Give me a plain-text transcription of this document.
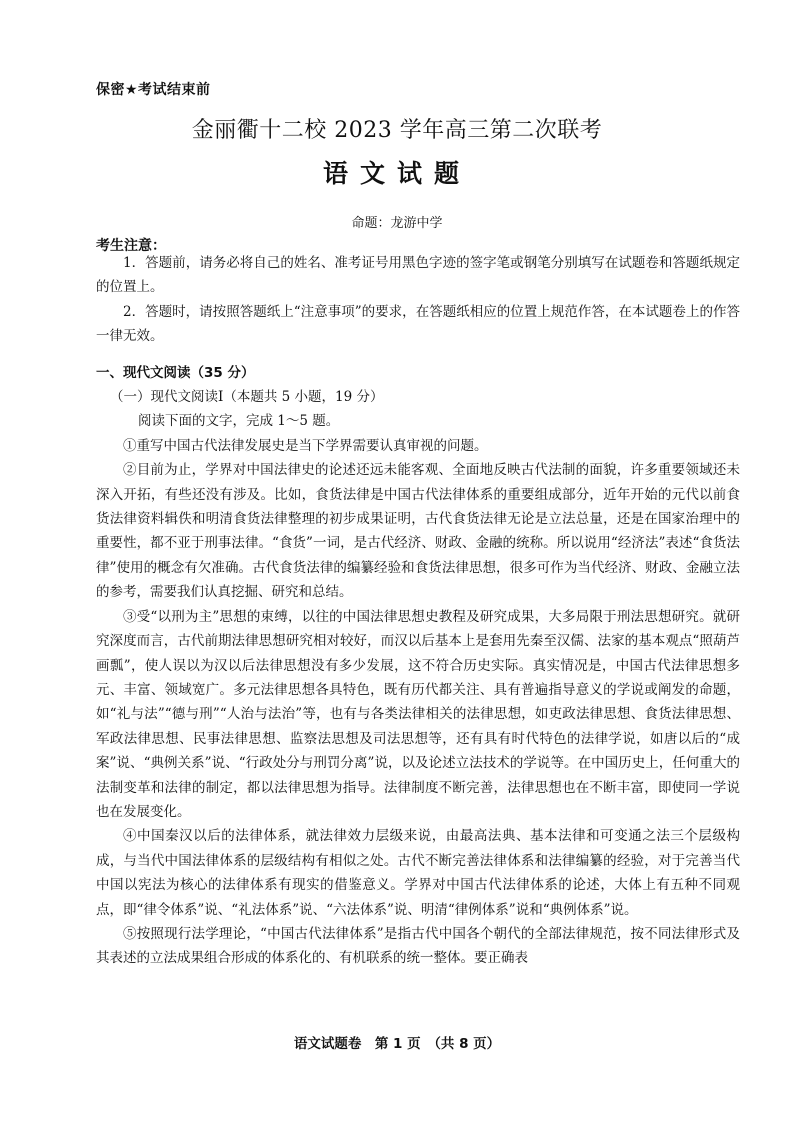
保密★考试结束前
金丽衢十二校 2023 学年高三第二次联考
语文试题
命题：龙游中学
考生注意：

1．答题前，请务必将自己的姓名、准考证号用黑色字迹的签字笔或钢笔分别填写在试题卷和答题纸规定的位置上。

2．答题时，请按照答题纸上“注意事项”的要求，在答题纸相应的位置上规范作答，在本试题卷上的作答一律无效。

一、现代文阅读（35 分）

（一）现代文阅读Ⅰ（本题共 5 小题，19 分）

阅读下面的文字，完成 1～5 题。

①重写中国古代法律发展史是当下学界需要认真审视的问题。

②目前为止，学界对中国法律史的论述还远未能客观、全面地反映古代法制的面貌，许多重要领域还未深入开拓，有些还没有涉及。比如，食货法律是中国古代法律体系的重要组成部分，近年开始的元代以前食货法律资料辑佚和明清食货法律整理的初步成果证明，古代食货法律无论是立法总量，还是在国家治理中的重要性，都不亚于刑事法律。“食货”一词，是古代经济、财政、金融的统称。所以说用“经济法”表述“食货法律”使用的概念有欠准确。古代食货法律的编纂经验和食货法律思想，很多可作为当代经济、财政、金融立法的参考，需要我们认真挖掘、研究和总结。

③受“以刑为主”思想的束缚，以往的中国法律思想史教程及研究成果，大多局限于刑法思想研究。就研究深度而言，古代前期法律思想研究相对较好，而汉以后基本上是套用先秦至汉儒、法家的基本观点“照葫芦画瓢”，使人误以为汉以后法律思想没有多少发展，这不符合历史实际。真实情况是，中国古代法律思想多元、丰富、领域宽广。多元法律思想各具特色，既有历代都关注、具有普遍指导意义的学说或阐发的命题，如“礼与法”“德与刑”“人治与法治”等，也有与各类法律相关的法律思想，如吏政法律思想、食货法律思想、军政法律思想、民事法律思想、监察法思想及司法思想等，还有具有时代特色的法律学说，如唐以后的“成案”说、“典例关系”说、“行政处分与刑罚分离”说，以及论述立法技术的学说等。在中国历史上，任何重大的法制变革和法律的制定，都以法律思想为指导。法律制度不断完善，法律思想也在不断丰富，即使同一学说也在发展变化。

④中国秦汉以后的法律体系，就法律效力层级来说，由最高法典、基本法律和可变通之法三个层级构成，与当代中国法律体系的层级结构有相似之处。古代不断完善法律体系和法律编纂的经验，对于完善当代中国以宪法为核心的法律体系有现实的借鉴意义。学界对中国古代法律体系的论述，大体上有五种不同观点，即“律令体系”说、“礼法体系”说、“六法体系”说、明清“律例体系”说和“典例体系”说。

⑤按照现行法学理论，“中国古代法律体系”是指古代中国各个朝代的全部法律规范，按不同法律形式及其表述的立法成果组合形成的体系化的、有机联系的统一整体。要正确表

语文试题卷　第 1 页　（共 8 页）
